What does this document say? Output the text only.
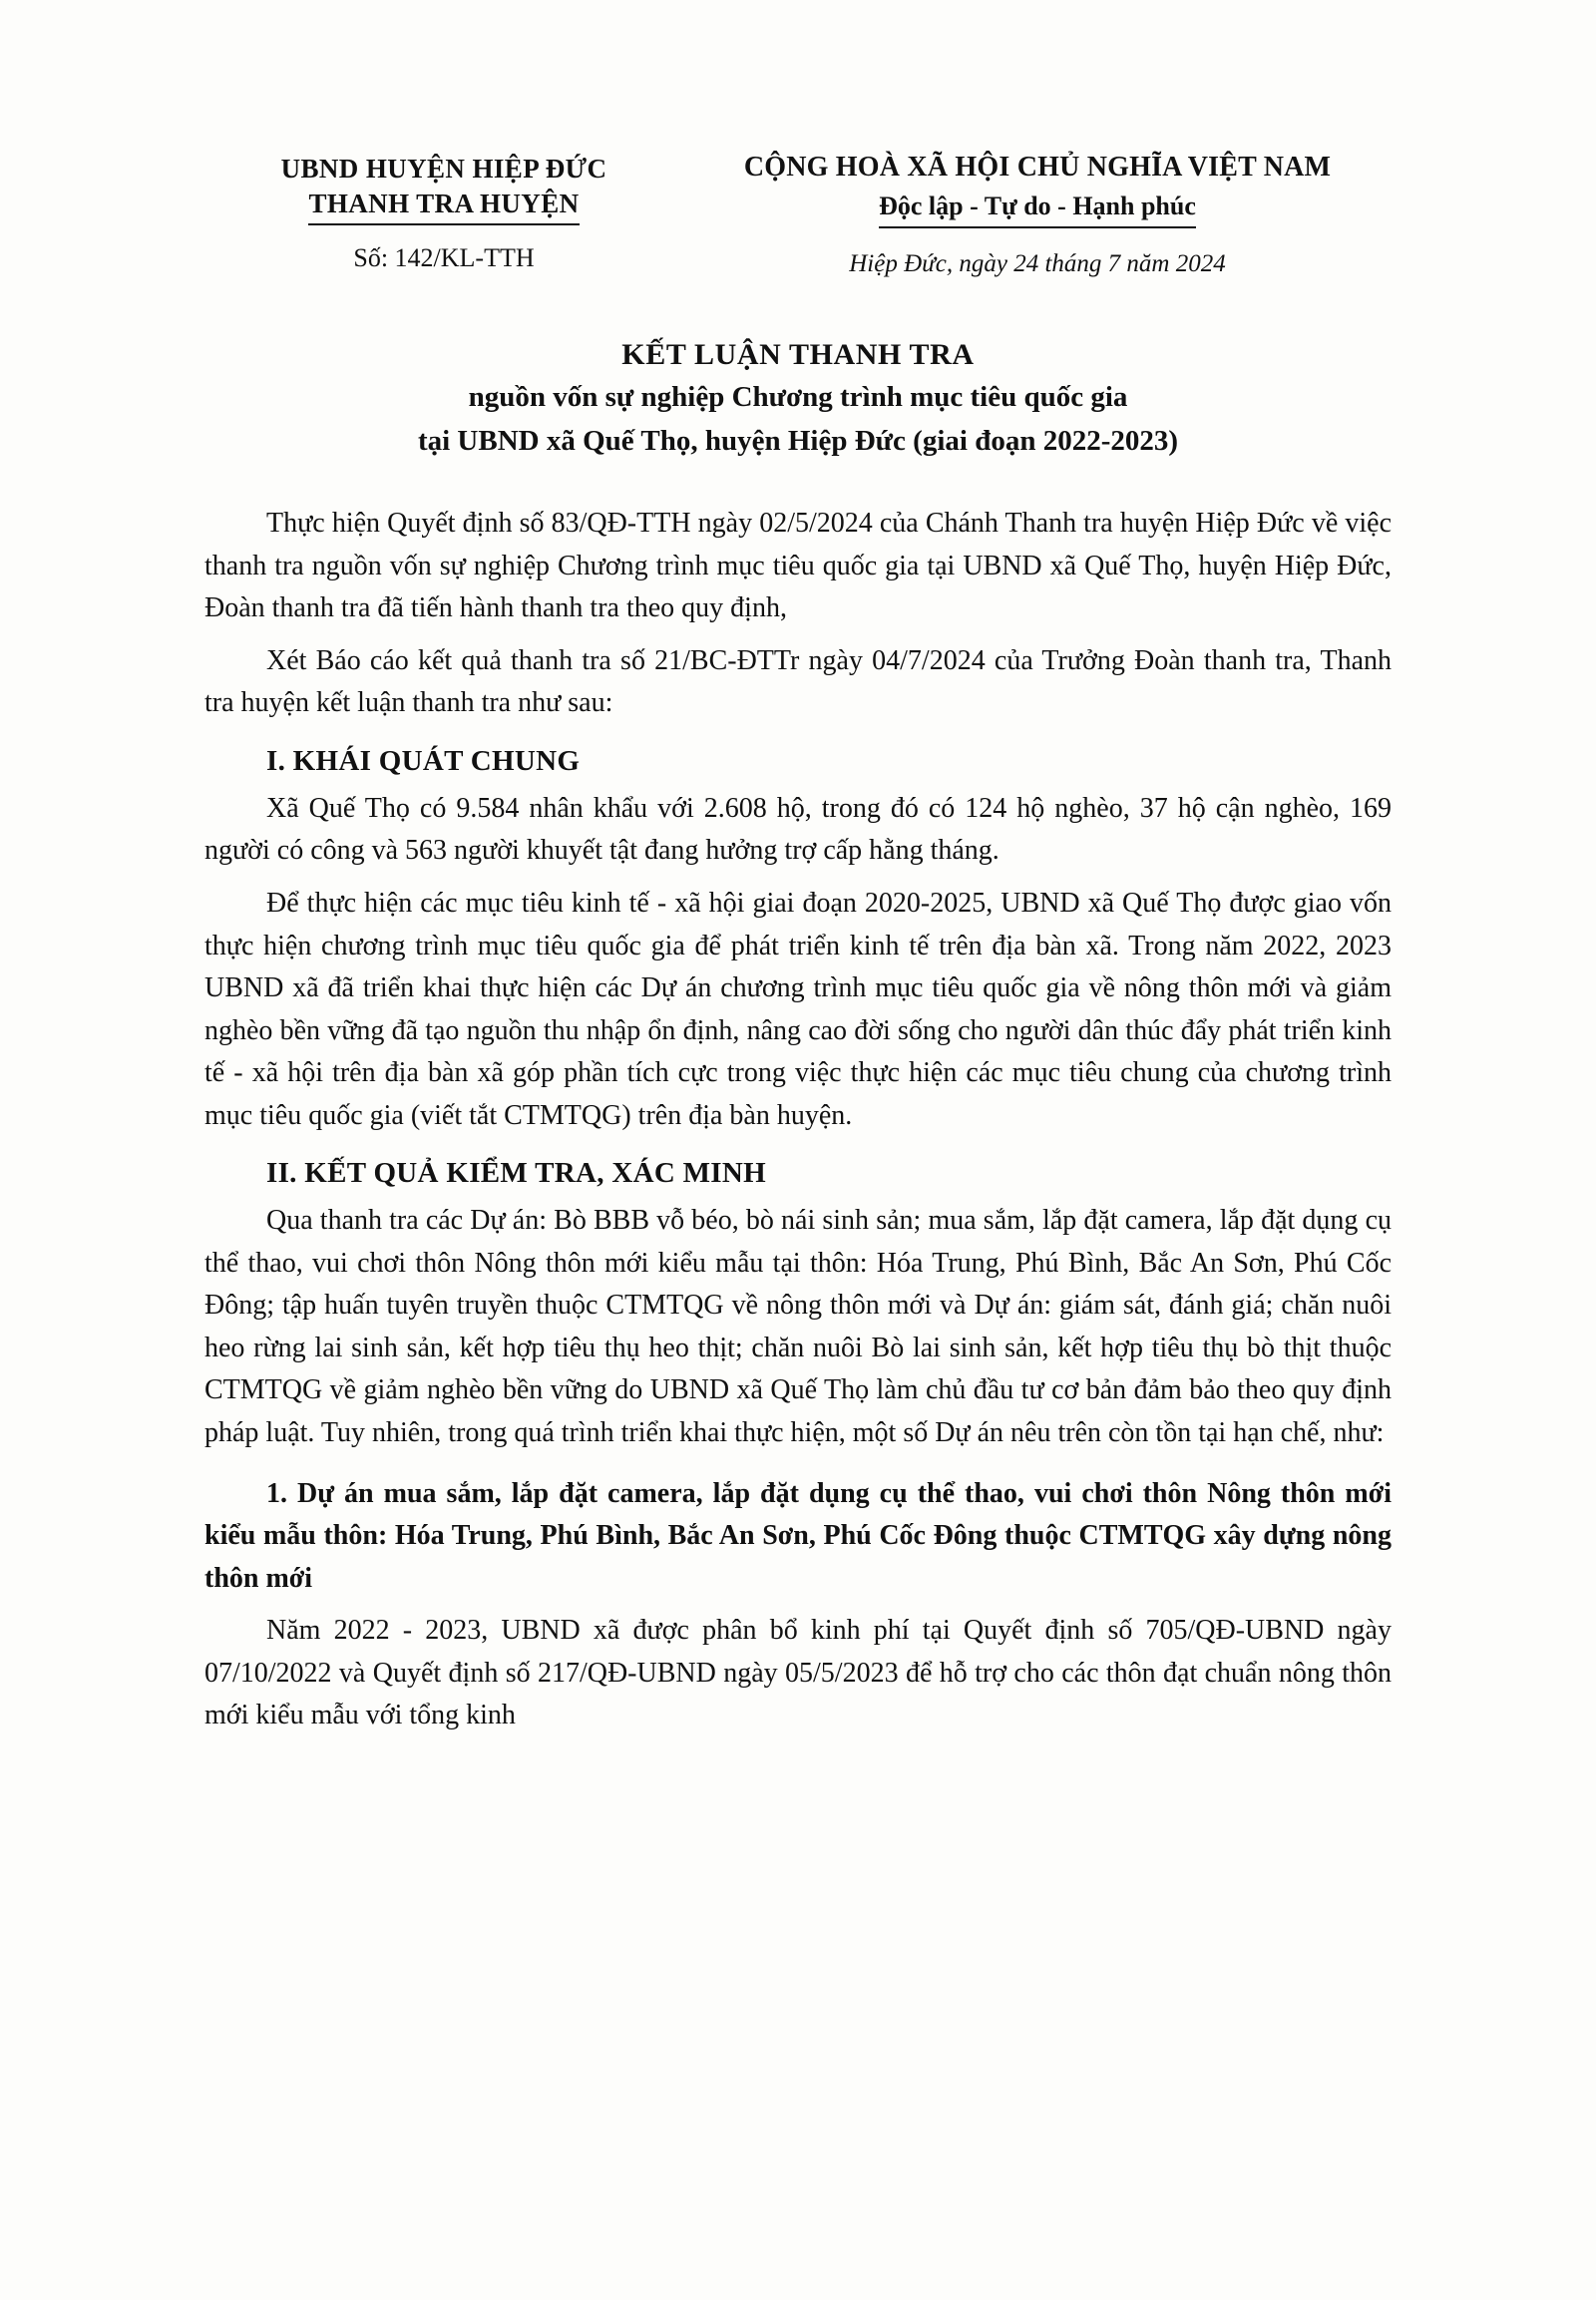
UBND HUYỆN HIỆP ĐỨC
THANH TRA HUYỆN
Số: 142/KL-TTH
CỘNG HOÀ XÃ HỘI CHỦ NGHĨA VIỆT NAM
Độc lập - Tự do - Hạnh phúc
Hiệp Đức, ngày 24 tháng 7 năm 2024
KẾT LUẬN THANH TRA
nguồn vốn sự nghiệp Chương trình mục tiêu quốc gia
tại UBND xã Quế Thọ, huyện Hiệp Đức (giai đoạn 2022-2023)

Thực hiện Quyết định số 83/QĐ-TTH ngày 02/5/2024 của Chánh Thanh tra huyện Hiệp Đức về việc thanh tra nguồn vốn sự nghiệp Chương trình mục tiêu quốc gia tại UBND xã Quế Thọ, huyện Hiệp Đức, Đoàn thanh tra đã tiến hành thanh tra theo quy định,

Xét Báo cáo kết quả thanh tra số 21/BC-ĐTTr ngày 04/7/2024 của Trưởng Đoàn thanh tra, Thanh tra huyện kết luận thanh tra như sau:

I. KHÁI QUÁT CHUNG

Xã Quế Thọ có 9.584 nhân khẩu với 2.608 hộ, trong đó có 124 hộ nghèo, 37 hộ cận nghèo, 169 người có công và 563 người khuyết tật đang hưởng trợ cấp hằng tháng.

Để thực hiện các mục tiêu kinh tế - xã hội giai đoạn 2020-2025, UBND xã Quế Thọ được giao vốn thực hiện chương trình mục tiêu quốc gia để phát triển kinh tế trên địa bàn xã. Trong năm 2022, 2023 UBND xã đã triển khai thực hiện các Dự án chương trình mục tiêu quốc gia về nông thôn mới và giảm nghèo bền vững đã tạo nguồn thu nhập ổn định, nâng cao đời sống cho người dân thúc đẩy phát triển kinh tế - xã hội trên địa bàn xã góp phần tích cực trong việc thực hiện các mục tiêu chung của chương trình mục tiêu quốc gia (viết tắt CTMTQG) trên địa bàn huyện.

II. KẾT QUẢ KIỂM TRA, XÁC MINH

Qua thanh tra các Dự án: Bò BBB vỗ béo, bò nái sinh sản; mua sắm, lắp đặt camera, lắp đặt dụng cụ thể thao, vui chơi thôn Nông thôn mới kiểu mẫu tại thôn: Hóa Trung, Phú Bình, Bắc An Sơn, Phú Cốc Đông; tập huấn tuyên truyền thuộc CTMTQG về nông thôn mới và Dự án: giám sát, đánh giá; chăn nuôi heo rừng lai sinh sản, kết hợp tiêu thụ heo thịt; chăn nuôi Bò lai sinh sản, kết hợp tiêu thụ bò thịt thuộc CTMTQG về giảm nghèo bền vững do UBND xã Quế Thọ làm chủ đầu tư cơ bản đảm bảo theo quy định pháp luật. Tuy nhiên, trong quá trình triển khai thực hiện, một số Dự án nêu trên còn tồn tại hạn chế, như:

1. Dự án mua sắm, lắp đặt camera, lắp đặt dụng cụ thể thao, vui chơi thôn Nông thôn mới kiểu mẫu thôn: Hóa Trung, Phú Bình, Bắc An Sơn, Phú Cốc Đông thuộc CTMTQG xây dựng nông thôn mới

Năm 2022 - 2023, UBND xã được phân bổ kinh phí tại Quyết định số 705/QĐ-UBND ngày 07/10/2022 và Quyết định số 217/QĐ-UBND ngày 05/5/2023 để hỗ trợ cho các thôn đạt chuẩn nông thôn mới kiểu mẫu với tổng kinh
